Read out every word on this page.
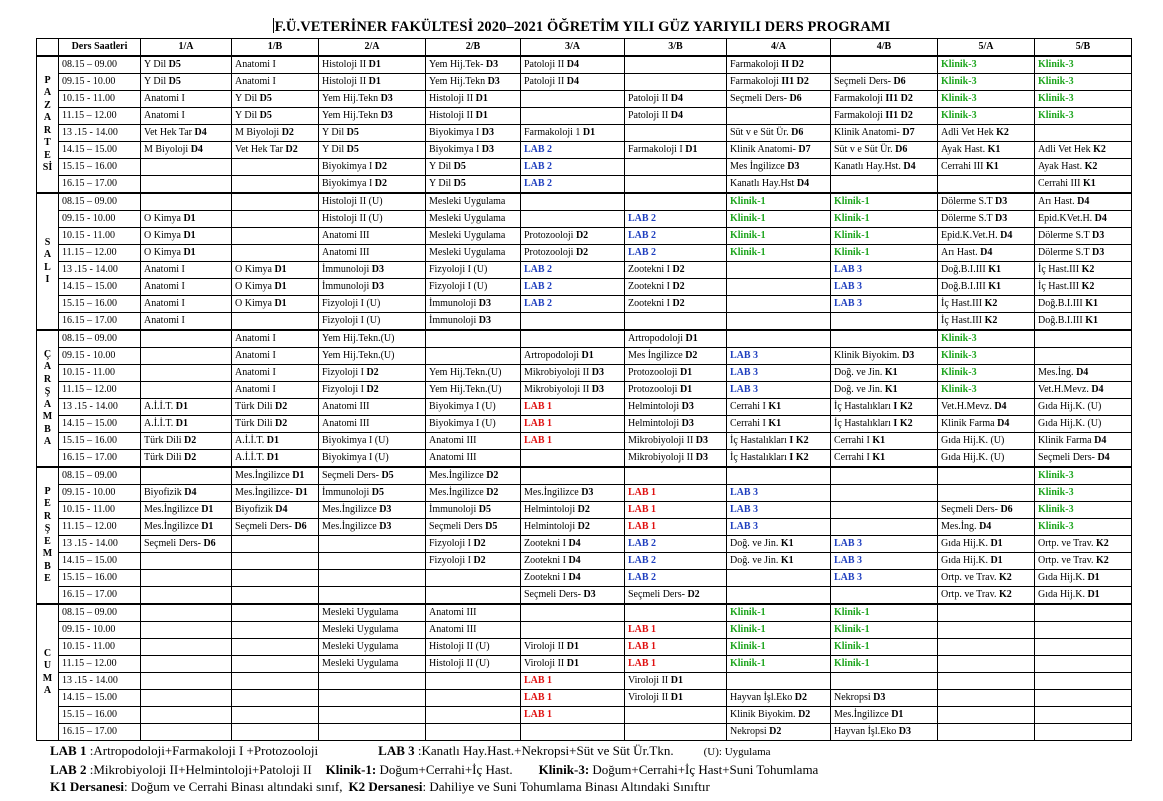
F.Ü.VETERİNER FAKÜLTESİ 2020–2021 ÖĞRETİM YILI GÜZ YARIYILI DERS PROGRAMI
	Ders Saatleri	1/A	1/B	2/A	2/B	3/A	3/B	4/A	4/B	5/A	5/B
PAZARTESİ	08.15 – 09.00	Y Dil D5	Anatomi I	Histoloji II D1	Yem Hij.Tek- D3	Patoloji II D4		Farmakoloji II D2		Klinik-3	Klinik-3
	09.15 - 10.00	Y Dil D5	Anatomi I	Histoloji II D1	Yem Hij.Tekn D3	Patoloji II D4		Farmakoloji II1 D2	Seçmeli Ders- D6	Klinik-3	Klinik-3
	10.15 - 11.00	Anatomi I	Y Dil D5	Yem Hij.Tekn D3	Histoloji II D1		Patoloji II D4	Seçmeli Ders- D6	Farmakoloji II1 D2	Klinik-3	Klinik-3
	11.15 – 12.00	Anatomi I	Y Dil D5	Yem Hij.Tekn D3	Histoloji II D1		Patoloji II D4		Farmakoloji II1 D2	Klinik-3	Klinik-3
	13 .15 - 14.00	Vet Hek Tar D4	M Biyoloji D2	Y Dil D5	Biyokimya I D3	Farmakoloji 1 D1		Süt v e Süt Ür. D6	Klinik Anatomi- D7	Adli Vet Hek K2	
	14.15 – 15.00	M Biyoloji D4	Vet Hek Tar D2	Y Dil D5	Biyokimya I D3	LAB 2	Farmakoloji I D1	Klinik Anatomi- D7	Süt v e Süt Ür. D6	Ayak Hast. K1	Adli Vet Hek K2
	15.15 – 16.00			Biyokimya I D2	Y Dil D5	LAB 2		Mes İngilizce D3	Kanatlı Hay.Hst. D4	Cerrahi III K1	Ayak Hast. K2
	16.15 – 17.00			Biyokimya I D2	Y Dil D5	LAB 2		Kanatlı Hay.Hst D4			Cerrahi III K1
SALI	08.15 – 09.00			Histoloji II (U)	Mesleki Uygulama			Klinik-1	Klinik-1	Dölerme S.T D3	Arı Hast. D4
	09.15 - 10.00	O Kimya D1		Histoloji II (U)	Mesleki Uygulama		LAB 2	Klinik-1	Klinik-1	Dölerme S.T D3	Epid.KVet.H. D4
	10.15 - 11.00	O Kimya D1		Anatomi III	Mesleki Uygulama	Protozooloji D2	LAB 2	Klinik-1	Klinik-1	Epid.K.Vet.H. D4	Dölerme S.T D3
	11.15 – 12.00	O Kimya D1		Anatomi III	Mesleki Uygulama	Protozooloji D2	LAB 2	Klinik-1	Klinik-1	Arı Hast. D4	Dölerme S.T D3
	13 .15 - 14.00	Anatomi I	O Kimya D1	İmmunoloji D3	Fizyoloji I (U)	LAB 2	Zootekni I D2		LAB 3	Doğ.B.I.III K1	İç Hast.III K2
	14.15 – 15.00	Anatomi I	O Kimya D1	İmmunoloji D3	Fizyoloji I (U)	LAB 2	Zootekni I D2		LAB 3	Doğ.B.I.III K1	İç Hast.III K2
	15.15 – 16.00	Anatomi I	O Kimya D1	Fizyoloji I (U)	İmmunoloji D3	LAB 2	Zootekni I D2		LAB 3	İç Hast.III K2	Doğ.B.I.III K1
	16.15 – 17.00	Anatomi I		Fizyoloji I (U)	İmmunoloji D3					İç Hast.III K2	Doğ.B.I.III K1
ÇARŞAMBA	08.15 – 09.00		Anatomi I	Yem Hij.Tekn.(U)			Artropodoloji D1			Klinik-3	
	09.15 - 10.00		Anatomi I	Yem Hij.Tekn.(U)		Artropodoloji D1	Mes İngilizce D2	LAB 3	Klinik Biyokim. D3	Klinik-3	
	10.15 - 11.00		Anatomi I	Fizyoloji I D2	Yem Hij.Tekn.(U)	Mikrobiyoloji II D3	Protozooloji D1	LAB 3	Doğ. ve Jin. K1	Klinik-3	Mes.İng. D4
	11.15 – 12.00		Anatomi I	Fizyoloji I D2	Yem Hij.Tekn.(U)	Mikrobiyoloji II D3	Protozooloji D1	LAB 3	Doğ. ve Jin. K1	Klinik-3	Vet.H.Mevz. D4
	13 .15 - 14.00	A.İ.İ.T. D1	Türk Dili D2	Anatomi III	Biyokimya I (U)	LAB 1	Helmintoloji D3	Cerrahi I K1	İç Hastalıkları I K2	Vet.H.Mevz. D4	Gıda Hij.K. (U)
	14.15 – 15.00	A.İ.İ.T. D1	Türk Dili D2	Anatomi III	Biyokimya I (U)	LAB 1	Helmintoloji D3	Cerrahi I K1	İç Hastalıkları I K2	Klinik Farma D4	Gıda Hij.K. (U)
	15.15 – 16.00	Türk Dili D2	A.İ.İ.T. D1	Biyokimya I (U)	Anatomi III	LAB 1	Mikrobiyoloji II D3	İç Hastalıkları I K2	Cerrahi I K1	Gıda Hij.K. (U)	Klinik Farma D4
	16.15 – 17.00	Türk Dili D2	A.İ.İ.T. D1	Biyokimya I (U)	Anatomi III		Mikrobiyoloji II D3	İç Hastalıkları I K2	Cerrahi I K1	Gıda Hij.K. (U)	Seçmeli Ders- D4
PERŞEMBE	08.15 – 09.00		Mes.İngilizce D1	Seçmeli Ders- D5	Mes.İngilizce D2						Klinik-3
	09.15 - 10.00	Biyofizik D4	Mes.İngilizce- D1	İmmunoloji D5	Mes.İngilizce D2	Mes.İngilizce D3	LAB 1	LAB 3			Klinik-3
	10.15 - 11.00	Mes.İngilizce D1	Biyofizik D4	Mes.İngilizce D3	İmmunoloji D5	Helmintoloji D2	LAB 1	LAB 3		Seçmeli Ders- D6	Klinik-3
	11.15 – 12.00	Mes.İngilizce D1	Seçmeli Ders- D6	Mes.İngilizce D3	Seçmeli Ders D5	Helmintoloji D2	LAB 1	LAB 3		Mes.İng. D4	Klinik-3
	13 .15 - 14.00	Seçmeli Ders- D6			Fizyoloji I D2	Zootekni I D4	LAB 2	Doğ. ve Jin. K1	LAB 3	Gıda Hij.K. D1	Ortp. ve Trav. K2
	14.15 – 15.00				Fizyoloji I D2	Zootekni I D4	LAB 2	Doğ. ve Jin. K1	LAB 3	Gıda Hij.K. D1	Ortp. ve Trav. K2
	15.15 – 16.00					Zootekni I D4	LAB 2		LAB 3	Ortp. ve Trav. K2	Gıda Hij.K. D1
	16.15 – 17.00					Seçmeli Ders- D3	Seçmeli Ders- D2			Ortp. ve Trav. K2	Gıda Hij.K. D1
CUMA	08.15 – 09.00			Mesleki Uygulama	Anatomi III			Klinik-1	Klinik-1		
	09.15 - 10.00			Mesleki Uygulama	Anatomi III		LAB 1	Klinik-1	Klinik-1		
	10.15 - 11.00			Mesleki Uygulama	Histoloji II (U)	Viroloji II D1	LAB 1	Klinik-1	Klinik-1		
	11.15 – 12.00			Mesleki Uygulama	Histoloji II (U)	Viroloji II D1	LAB 1	Klinik-1	Klinik-1		
	13 .15 - 14.00					LAB 1	Viroloji II D1				
	14.15 – 15.00					LAB 1	Viroloji II D1	Hayvan İşl.Eko D2	Nekropsi D3		
	15.15 – 16.00					LAB 1		Klinik Biyokim. D2	Mes.İngilizce D1		
	16.15 – 17.00							Nekropsi D2	Hayvan İşl.Eko D3		
LAB 1 :Artropodoloji+Farmakoloji I +Protozooloji	LAB 3 :Kanatlı Hay.Hast.+Nekropsi+Süt ve Süt Ür.Tkn.	(U): Uygulama
LAB 2 :Mikrobiyoloji II+Helmintoloji+Patoloji II Klinik-1: Doğum+Cerrahi+İç Hast. Klinik-3: Doğum+Cerrahi+İç Hast+Suni Tohumlama
K1 Dersanesi: Doğum ve Cerrahi Binası altındaki sınıf, K2 Dersanesi: Dahiliye ve Suni Tohumlama Binası Altındaki Sınıftır
